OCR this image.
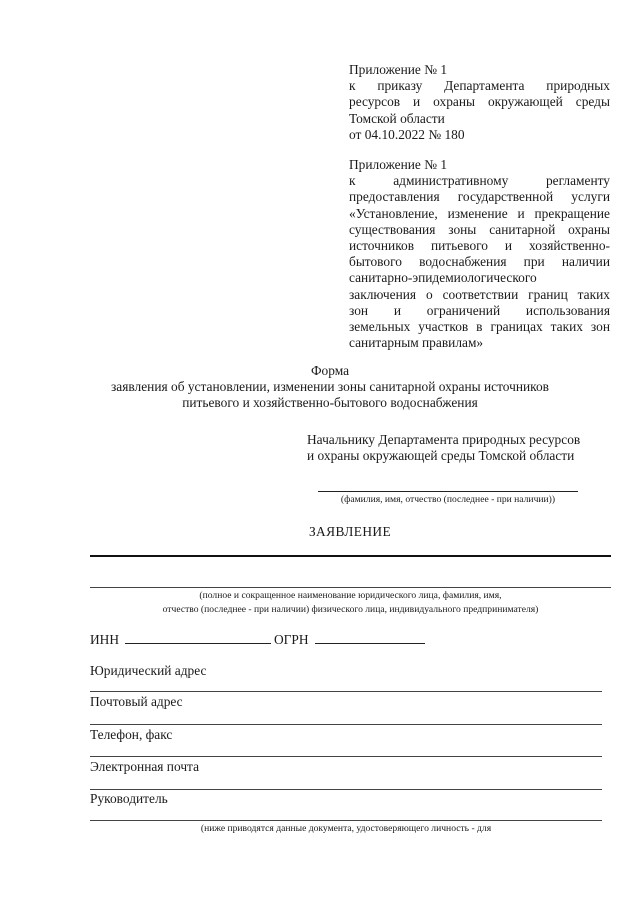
Приложение № 1
к приказу Департамента природных
ресурсов и охраны окружающей среды
Томской области
от 04.10.2022 № 180
Приложение № 1
к административному регламенту
предоставления государственной услуги
«Установление, изменение и прекращение
существования зоны санитарной охраны
источников питьевого и хозяйственно-
бытового водоснабжения при наличии
санитарно-эпидемиологического
заключения о соответствии границ таких
зон и ограничений использования
земельных участков в границах таких зон
санитарным правилам»
Форма
заявления об установлении, изменении зоны санитарной охраны источников
питьевого и хозяйственно-бытового водоснабжения
Начальнику Департамента природных ресурсов
и охраны окружающей среды Томской области
(фамилия, имя, отчество (последнее - при наличии))
ЗАЯВЛЕНИЕ
(полное и сокращенное наименование юридического лица, фамилия, имя,
отчество (последнее - при наличии) физического лица, индивидуального предпринимателя)
ИНН	ОГРН
Юридический адрес
Почтовый адрес
Телефон, факс
Электронная почта
Руководитель
(ниже приводятся данные документа, удостоверяющего личность - для
